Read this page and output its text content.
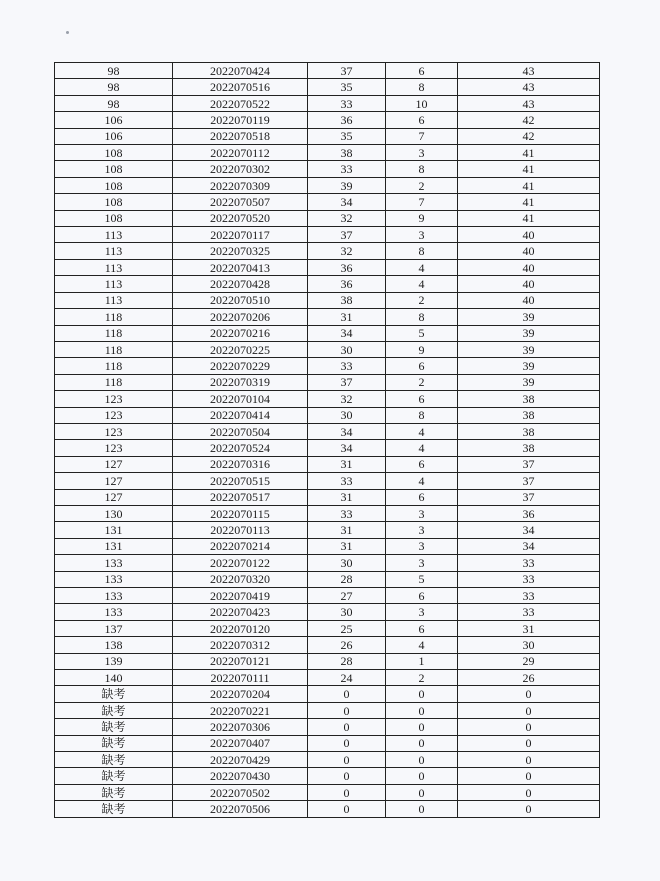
98	2022070424	37	6	43
98	2022070516	35	8	43
98	2022070522	33	10	43
106	2022070119	36	6	42
106	2022070518	35	7	42
108	2022070112	38	3	41
108	2022070302	33	8	41
108	2022070309	39	2	41
108	2022070507	34	7	41
108	2022070520	32	9	41
113	2022070117	37	3	40
113	2022070325	32	8	40
113	2022070413	36	4	40
113	2022070428	36	4	40
113	2022070510	38	2	40
118	2022070206	31	8	39
118	2022070216	34	5	39
118	2022070225	30	9	39
118	2022070229	33	6	39
118	2022070319	37	2	39
123	2022070104	32	6	38
123	2022070414	30	8	38
123	2022070504	34	4	38
123	2022070524	34	4	38
127	2022070316	31	6	37
127	2022070515	33	4	37
127	2022070517	31	6	37
130	2022070115	33	3	36
131	2022070113	31	3	34
131	2022070214	31	3	34
133	2022070122	30	3	33
133	2022070320	28	5	33
133	2022070419	27	6	33
133	2022070423	30	3	33
137	2022070120	25	6	31
138	2022070312	26	4	30
139	2022070121	28	1	29
140	2022070111	24	2	26
缺考	2022070204	0	0	0
缺考	2022070221	0	0	0
缺考	2022070306	0	0	0
缺考	2022070407	0	0	0
缺考	2022070429	0	0	0
缺考	2022070430	0	0	0
缺考	2022070502	0	0	0
缺考	2022070506	0	0	0
